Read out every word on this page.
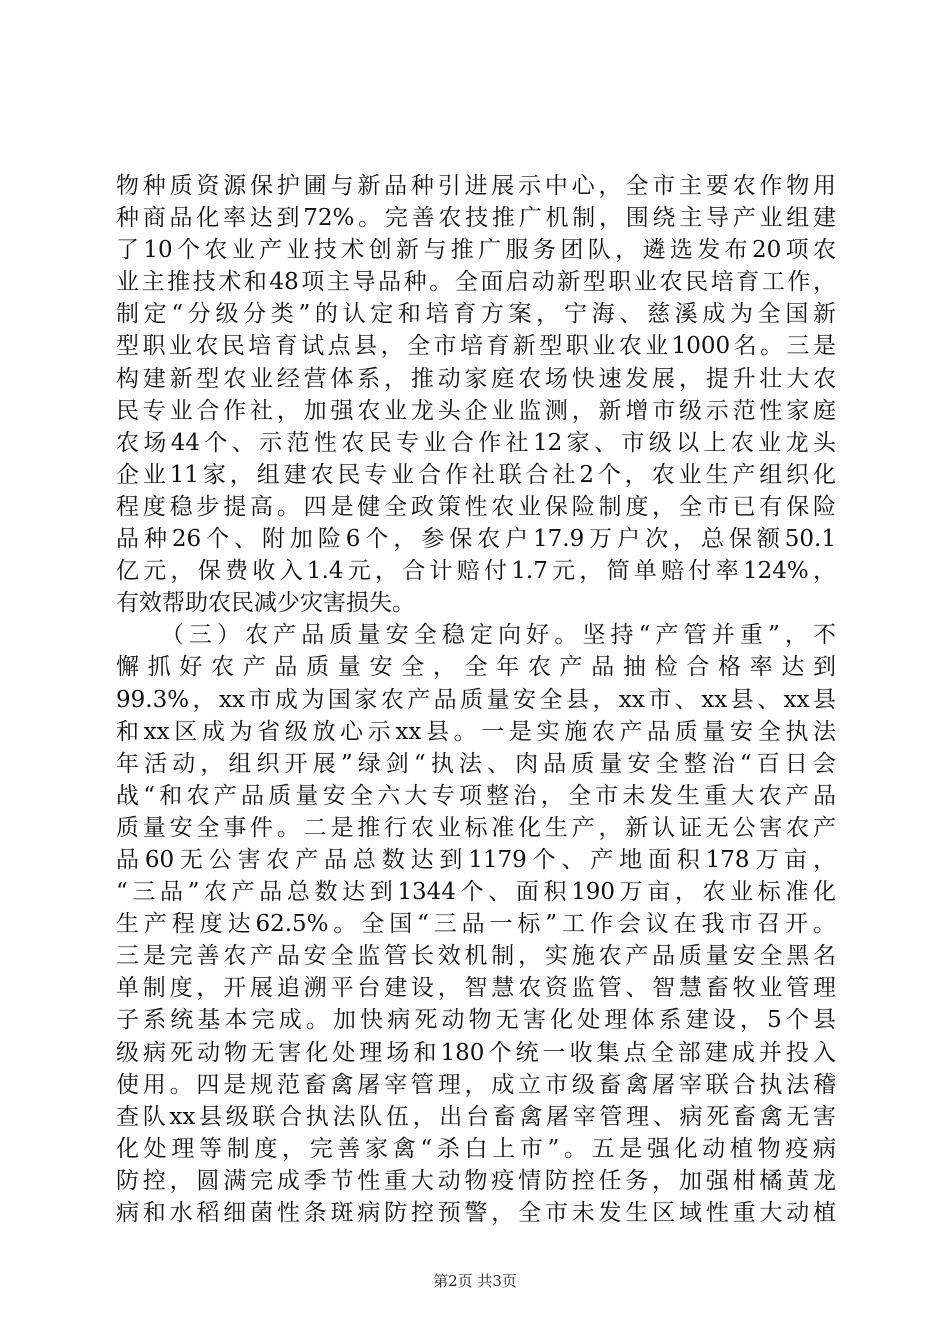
物种质资源保护圃与新品种引进展示中心，全市主要农作物用
种商品化率达到72%。完善农技推广机制，围绕主导产业组建
了10个农业产业技术创新与推广服务团队，遴选发布20项农
业主推技术和48项主导品种。全面启动新型职业农民培育工作，
制定“分级分类”的认定和培育方案，宁海、慈溪成为全国新
型职业农民培育试点县，全市培育新型职业农业1000名。三是
构建新型农业经营体系，推动家庭农场快速发展，提升壮大农
民专业合作社，加强农业龙头企业监测，新增市级示范性家庭
农场44个、示范性农民专业合作社12家、市级以上农业龙头
企业11家，组建农民专业合作社联合社2个，农业生产组织化
程度稳步提高。四是健全政策性农业保险制度，全市已有保险
品种26个、附加险6个，参保农户17.9万户次，总保额50.1
亿元，保费收入1.4元，合计赔付1.7元，简单赔付率124%，
有效帮助农民减少灾害损失。
　　（三）农产品质量安全稳定向好。坚持“产管并重”，不
懈抓好农产品质量安全，全年农产品抽检合格率达到
99.3%，xx市成为国家农产品质量安全县，xx市、xx县、xx县
和xx区成为省级放心示xx县。一是实施农产品质量安全执法
年活动，组织开展”绿剑“执法、肉品质量安全整治“百日会
战“和农产品质量安全六大专项整治，全市未发生重大农产品
质量安全事件。二是推行农业标准化生产，新认证无公害农产
品60无公害农产品总数达到1179个、产地面积178万亩，
“三品”农产品总数达到1344个、面积190万亩，农业标准化
生产程度达62.5%。全国“三品一标”工作会议在我市召开。
三是完善农产品安全监管长效机制，实施农产品质量安全黑名
单制度，开展追溯平台建设，智慧农资监管、智慧畜牧业管理
子系统基本完成。加快病死动物无害化处理体系建设，5个县
级病死动物无害化处理场和180个统一收集点全部建成并投入
使用。四是规范畜禽屠宰管理，成立市级畜禽屠宰联合执法稽
查队xx县级联合执法队伍，出台畜禽屠宰管理、病死畜禽无害
化处理等制度，完善家禽“杀白上市”。五是强化动植物疫病
防控，圆满完成季节性重大动物疫情防控任务，加强柑橘黄龙
病和水稻细菌性条斑病防控预警，全市未发生区域性重大动植
第2页 共3页
